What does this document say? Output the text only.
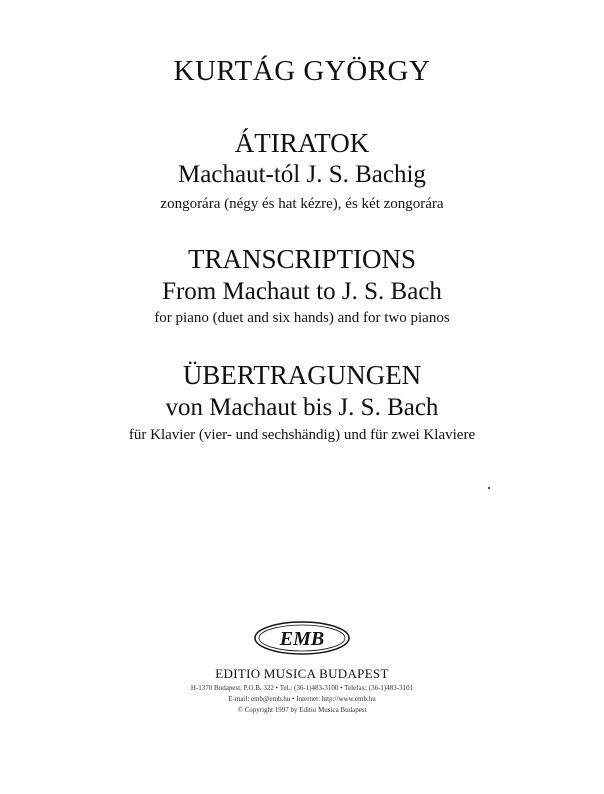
KURTÁG GYÖRGY
ÁTIRATOK
Machaut-tól J. S. Bachig
zongorára (négy és hat kézre), és két zongorára
TRANSCRIPTIONS
From Machaut to J. S. Bach
for piano (duet and six hands) and for two pianos
ÜBERTRAGUNGEN
von Machaut bis J. S. Bach
für Klavier (vier- und sechshändig) und für zwei Klaviere
EMB
EDITIO MUSICA BUDAPEST
H-1370 Budapest, P.O.B. 322 • Tel.: (36-1)483-3100 • Telefax: (36-1)483-3101
E-mail: emb@emb.hu • Internet: http://www.emb.hu
© Copyright 1997 by Editio Musica Budapest
